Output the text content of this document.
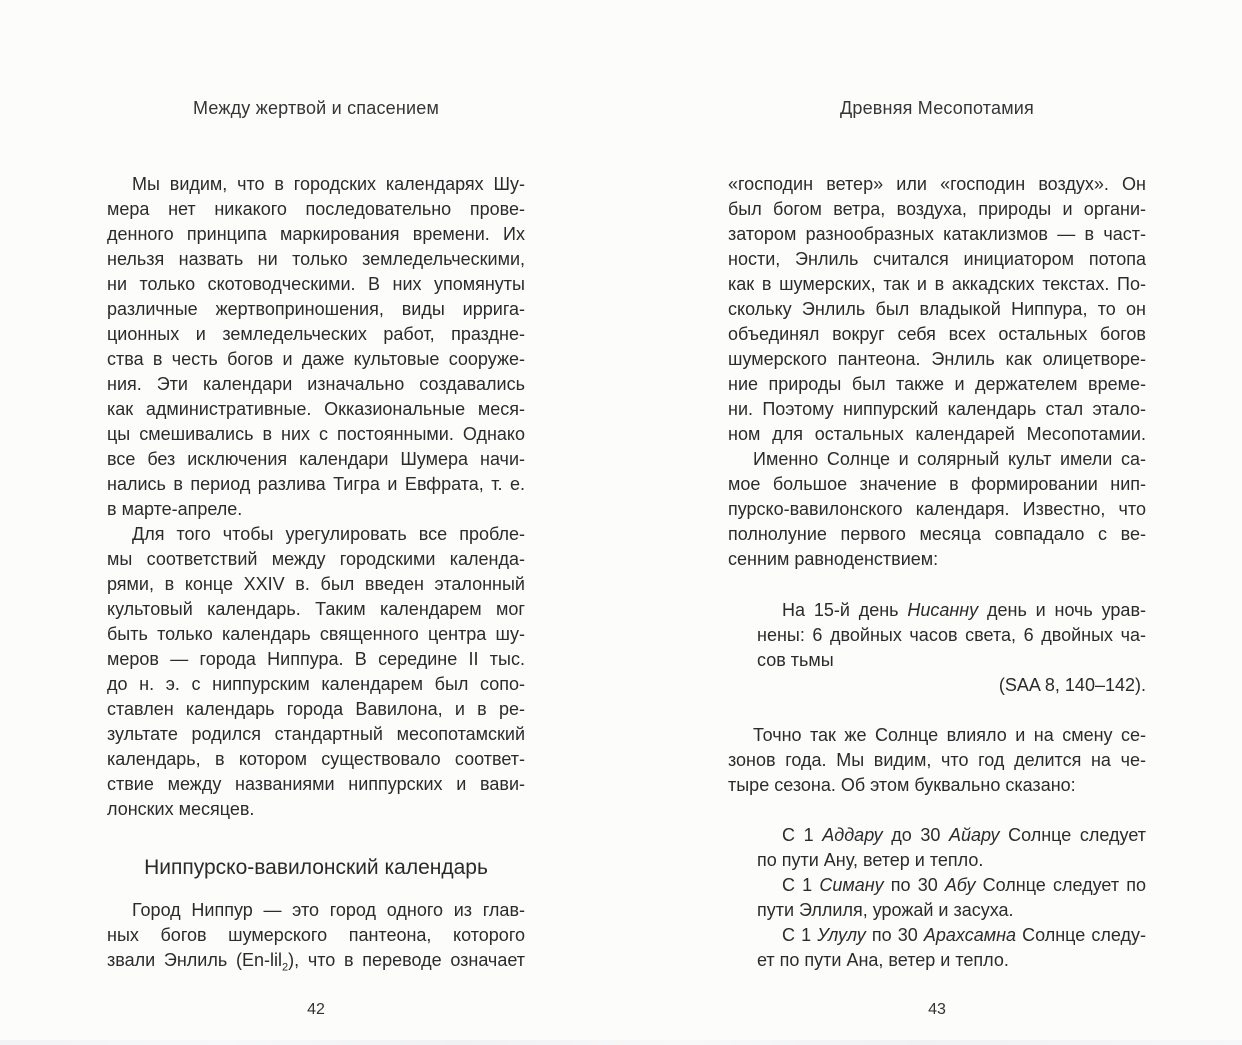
Между жертвой и спасением	Древняя Месопотамия
Мы видим, что в городских календарях Шу-
мера нет никакого последовательно прове-
денного принципа маркирования времени. Их
нельзя назвать ни только земледельческими,
ни только скотоводческими. В них упомянуты
различные жертвоприношения, виды иррига-
ционных и земледельческих работ, праздне-
ства в честь богов и даже культовые сооруже-
ния. Эти календари изначально создавались
как административные. Окказиональные меся-
цы смешивались в них с постоянными. Однако
все без исключения календари Шумера начи-
нались в период разлива Тигра и Евфрата, т. е.
в марте-апреле.
Для того чтобы урегулировать все пробле-
мы соответствий между городскими календа-
рями, в конце XXIV в. был введен эталонный
культовый календарь. Таким календарем мог
быть только календарь священного центра шу-
меров — города Ниппура. В середине II тыс.
до н. э. с ниппурским календарем был сопо-
ставлен календарь города Вавилона, и в ре-
зультате родился стандартный месопотамский
календарь, в котором существовало соответ-
ствие между названиями ниппурских и вави-
лонских месяцев.
Ниппурско-вавилонский календарь
Город Ниппур — это город одного из глав-
ных богов шумерского пантеона, которого
звали Энлиль (En-lil$_2$), что в переводе означает
«господин ветер» или «господин воздух». Он
был богом ветра, воздуха, природы и органи-
затором разнообразных катаклизмов — в част-
ности, Энлиль считался инициатором потопа
как в шумерских, так и в аккадских текстах. По-
скольку Энлиль был владыкой Ниппура, то он
объединял вокруг себя всех остальных богов
шумерского пантеона. Энлиль как олицетворе-
ние природы был также и держателем време-
ни. Поэтому ниппурский календарь стал этало-
ном для остальных календарей Месопотамии.
Именно Солнце и солярный культ имели са-
мое большое значение в формировании нип-
пурско-вавилонского календаря. Известно, что
полнолуние первого месяца совпадало с ве-
сенним равноденствием:
На 15-й день Нисанну день и ночь урав-
нены: 6 двойных часов света, 6 двойных ча-
сов тьмы
(SAA 8, 140–142).
Точно так же Солнце влияло и на смену се-
зонов года. Мы видим, что год делится на че-
тыре сезона. Об этом буквально сказано:
С 1 Аддару до 30 Айару Солнце следует
по пути Ану, ветер и тепло.
С 1 Симану по 30 Абу Солнце следует по
пути Эллиля, урожай и засуха.
С 1 Улулу по 30 Арахсамна Солнце следу-
ет по пути Ана, ветер и тепло.
42	43
